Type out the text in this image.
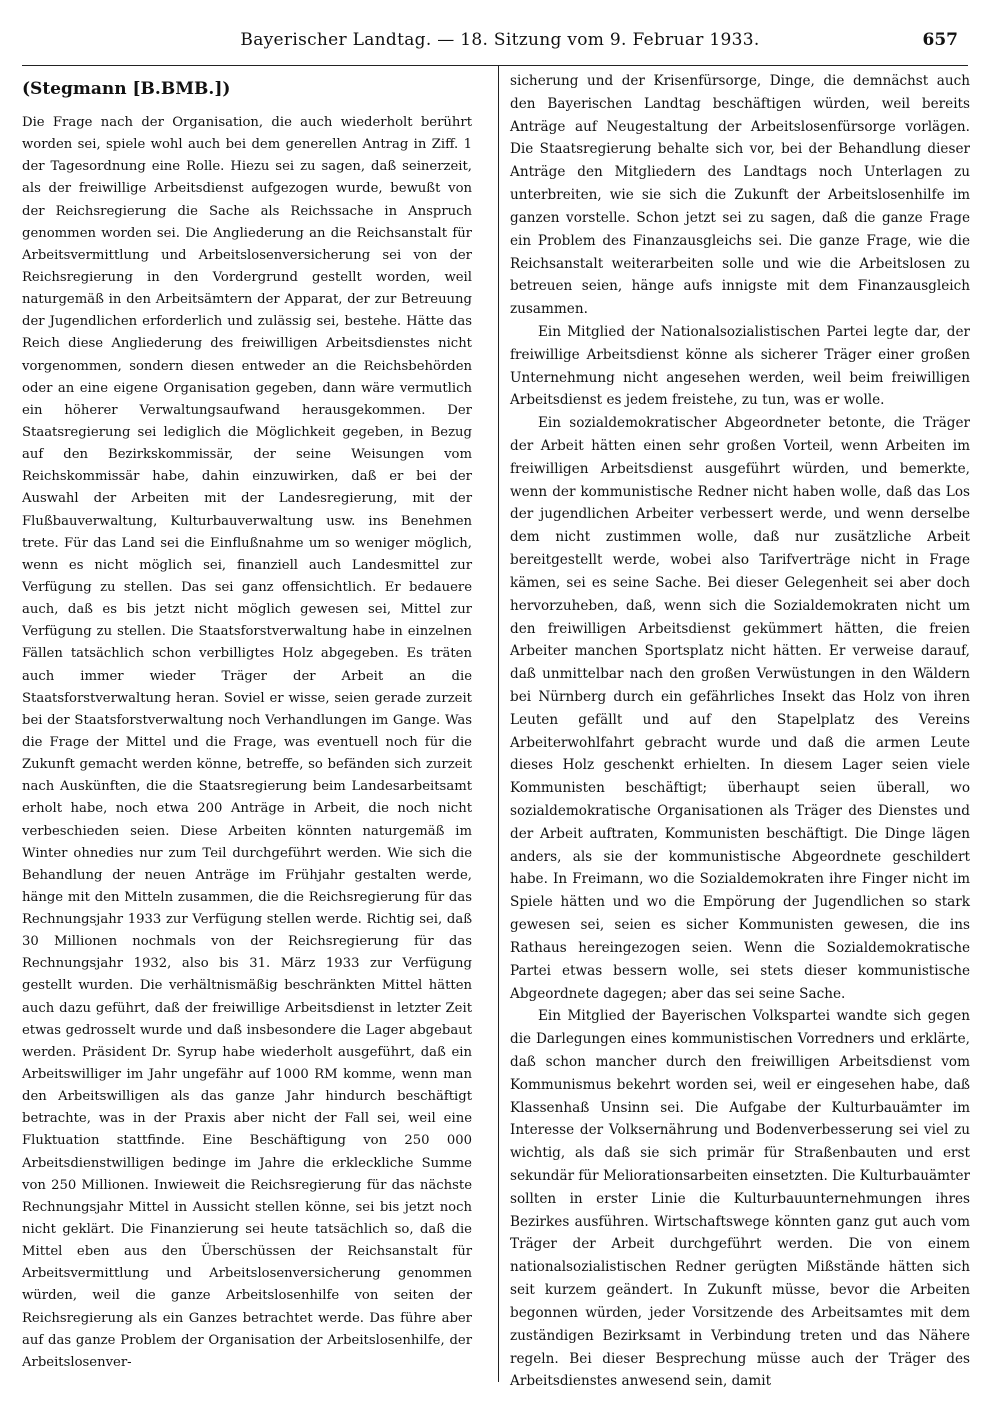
Bayerischer Landtag. — 18. Sitzung vom 9. Februar 1933.	657
(Stegmann [B.BMB.])

Die Frage nach der Organisation, die auch wiederholt berührt worden sei, spiele wohl auch bei dem generellen Antrag in Ziff. 1 der Tagesordnung eine Rolle. Hiezu sei zu sagen, daß seinerzeit, als der freiwillige Arbeitsdienst aufgezogen wurde, bewußt von der Reichsregierung die Sache als Reichssache in Anspruch genommen worden sei. Die Angliederung an die Reichsanstalt für Arbeitsvermittlung und Arbeitslosenversicherung sei von der Reichsregierung in den Vordergrund gestellt worden, weil naturgemäß in den Arbeitsämtern der Apparat, der zur Betreuung der Jugendlichen erforderlich und zulässig sei, bestehe. Hätte das Reich diese Angliederung des freiwilligen Arbeitsdienstes nicht vorgenommen, sondern diesen entweder an die Reichsbehörden oder an eine eigene Organisation gegeben, dann wäre vermutlich ein höherer Verwaltungsaufwand herausgekommen. Der Staatsregierung sei lediglich die Möglichkeit gegeben, in Bezug auf den Bezirkskommissär, der seine Weisungen vom Reichskommissär habe, dahin einzuwirken, daß er bei der Auswahl der Arbeiten mit der Landesregierung, mit der Flußbauverwaltung, Kulturbauverwaltung usw. ins Benehmen trete. Für das Land sei die Einflußnahme um so weniger möglich, wenn es nicht möglich sei, finanziell auch Landesmittel zur Verfügung zu stellen. Das sei ganz offensichtlich. Er bedauere auch, daß es bis jetzt nicht möglich gewesen sei, Mittel zur Verfügung zu stellen. Die Staatsforstverwaltung habe in einzelnen Fällen tatsächlich schon verbilligtes Holz abgegeben. Es träten auch immer wieder Träger der Arbeit an die Staatsforstverwaltung heran. Soviel er wisse, seien gerade zurzeit bei der Staatsforstverwaltung noch Verhandlungen im Gange. Was die Frage der Mittel und die Frage, was eventuell noch für die Zukunft gemacht werden könne, betreffe, so befänden sich zurzeit nach Auskünften, die die Staatsregierung beim Landesarbeitsamt erholt habe, noch etwa 200 Anträge in Arbeit, die noch nicht verbeschieden seien. Diese Arbeiten könnten naturgemäß im Winter ohnedies nur zum Teil durchgeführt werden. Wie sich die Behandlung der neuen Anträge im Frühjahr gestalten werde, hänge mit den Mitteln zusammen, die die Reichsregierung für das Rechnungsjahr 1933 zur Verfügung stellen werde. Richtig sei, daß 30 Millionen nochmals von der Reichsregierung für das Rechnungsjahr 1932, also bis 31. März 1933 zur Verfügung gestellt wurden. Die verhältnismäßig beschränkten Mittel hätten auch dazu geführt, daß der freiwillige Arbeitsdienst in letzter Zeit etwas gedrosselt wurde und daß insbesondere die Lager abgebaut werden. Präsident Dr. Syrup habe wiederholt ausgeführt, daß ein Arbeitswilliger im Jahr ungefähr auf 1000 RM komme, wenn man den Arbeitswilligen als das ganze Jahr hindurch beschäftigt betrachte, was in der Praxis aber nicht der Fall sei, weil eine Fluktuation stattfinde. Eine Beschäftigung von 250 000 Arbeitsdienstwilligen bedinge im Jahre die erkleckliche Summe von 250 Millionen. Inwieweit die Reichsregierung für das nächste Rechnungsjahr Mittel in Aussicht stellen könne, sei bis jetzt noch nicht geklärt. Die Finanzierung sei heute tatsächlich so, daß die Mittel eben aus den Überschüssen der Reichsanstalt für Arbeitsvermittlung und Arbeitslosenversicherung genommen würden, weil die ganze Arbeitslosenhilfe von seiten der Reichsregierung als ein Ganzes betrachtet werde. Das führe aber auf das ganze Problem der Organisation der Arbeitslosenhilfe, der Arbeitslosenver-

sicherung und der Krisenfürsorge, Dinge, die demnächst auch den Bayerischen Landtag beschäftigen würden, weil bereits Anträge auf Neugestaltung der Arbeitslosenfürsorge vorlägen. Die Staatsregierung behalte sich vor, bei der Behandlung dieser Anträge den Mitgliedern des Landtags noch Unterlagen zu unterbreiten, wie sie sich die Zukunft der Arbeitslosenhilfe im ganzen vorstelle. Schon jetzt sei zu sagen, daß die ganze Frage ein Problem des Finanzausgleichs sei. Die ganze Frage, wie die Reichsanstalt weiterarbeiten solle und wie die Arbeitslosen zu betreuen seien, hänge aufs innigste mit dem Finanzausgleich zusammen.

Ein Mitglied der Nationalsozialistischen Partei legte dar, der freiwillige Arbeitsdienst könne als sicherer Träger einer großen Unternehmung nicht angesehen werden, weil beim freiwilligen Arbeitsdienst es jedem freistehe, zu tun, was er wolle.

Ein sozialdemokratischer Abgeordneter betonte, die Träger der Arbeit hätten einen sehr großen Vorteil, wenn Arbeiten im freiwilligen Arbeitsdienst ausgeführt würden, und bemerkte, wenn der kommunistische Redner nicht haben wolle, daß das Los der jugendlichen Arbeiter verbessert werde, und wenn derselbe dem nicht zustimmen wolle, daß nur zusätzliche Arbeit bereitgestellt werde, wobei also Tarifverträge nicht in Frage kämen, sei es seine Sache. Bei dieser Gelegenheit sei aber doch hervorzuheben, daß, wenn sich die Sozialdemokraten nicht um den freiwilligen Arbeitsdienst gekümmert hätten, die freien Arbeiter manchen Sportsplatz nicht hätten. Er verweise darauf, daß unmittelbar nach den großen Verwüstungen in den Wäldern bei Nürnberg durch ein gefährliches Insekt das Holz von ihren Leuten gefällt und auf den Stapelplatz des Vereins Arbeiterwohlfahrt gebracht wurde und daß die armen Leute dieses Holz geschenkt erhielten. In diesem Lager seien viele Kommunisten beschäftigt; überhaupt seien überall, wo sozialdemokratische Organisationen als Träger des Dienstes und der Arbeit auftraten, Kommunisten beschäftigt. Die Dinge lägen anders, als sie der kommunistische Abgeordnete geschildert habe. In Freimann, wo die Sozialdemokraten ihre Finger nicht im Spiele hätten und wo die Empörung der Jugendlichen so stark gewesen sei, seien es sicher Kommunisten gewesen, die ins Rathaus hereingezogen seien. Wenn die Sozialdemokratische Partei etwas bessern wolle, sei stets dieser kommunistische Abgeordnete dagegen; aber das sei seine Sache.

Ein Mitglied der Bayerischen Volkspartei wandte sich gegen die Darlegungen eines kommunistischen Vorredners und erklärte, daß schon mancher durch den freiwilligen Arbeitsdienst vom Kommunismus bekehrt worden sei, weil er eingesehen habe, daß Klassenhaß Unsinn sei. Die Aufgabe der Kulturbauämter im Interesse der Volksernährung und Bodenverbesserung sei viel zu wichtig, als daß sie sich primär für Straßenbauten und erst sekundär für Meliorationsarbeiten einsetzten. Die Kulturbauämter sollten in erster Linie die Kulturbauunternehmungen ihres Bezirkes ausführen. Wirtschaftswege könnten ganz gut auch vom Träger der Arbeit durchgeführt werden. Die von einem nationalsozialistischen Redner gerügten Mißstände hätten sich seit kurzem geändert. In Zukunft müsse, bevor die Arbeiten begonnen würden, jeder Vorsitzende des Arbeitsamtes mit dem zuständigen Bezirksamt in Verbindung treten und das Nähere regeln. Bei dieser Besprechung müsse auch der Träger des Arbeitsdienstes anwesend sein, damit
